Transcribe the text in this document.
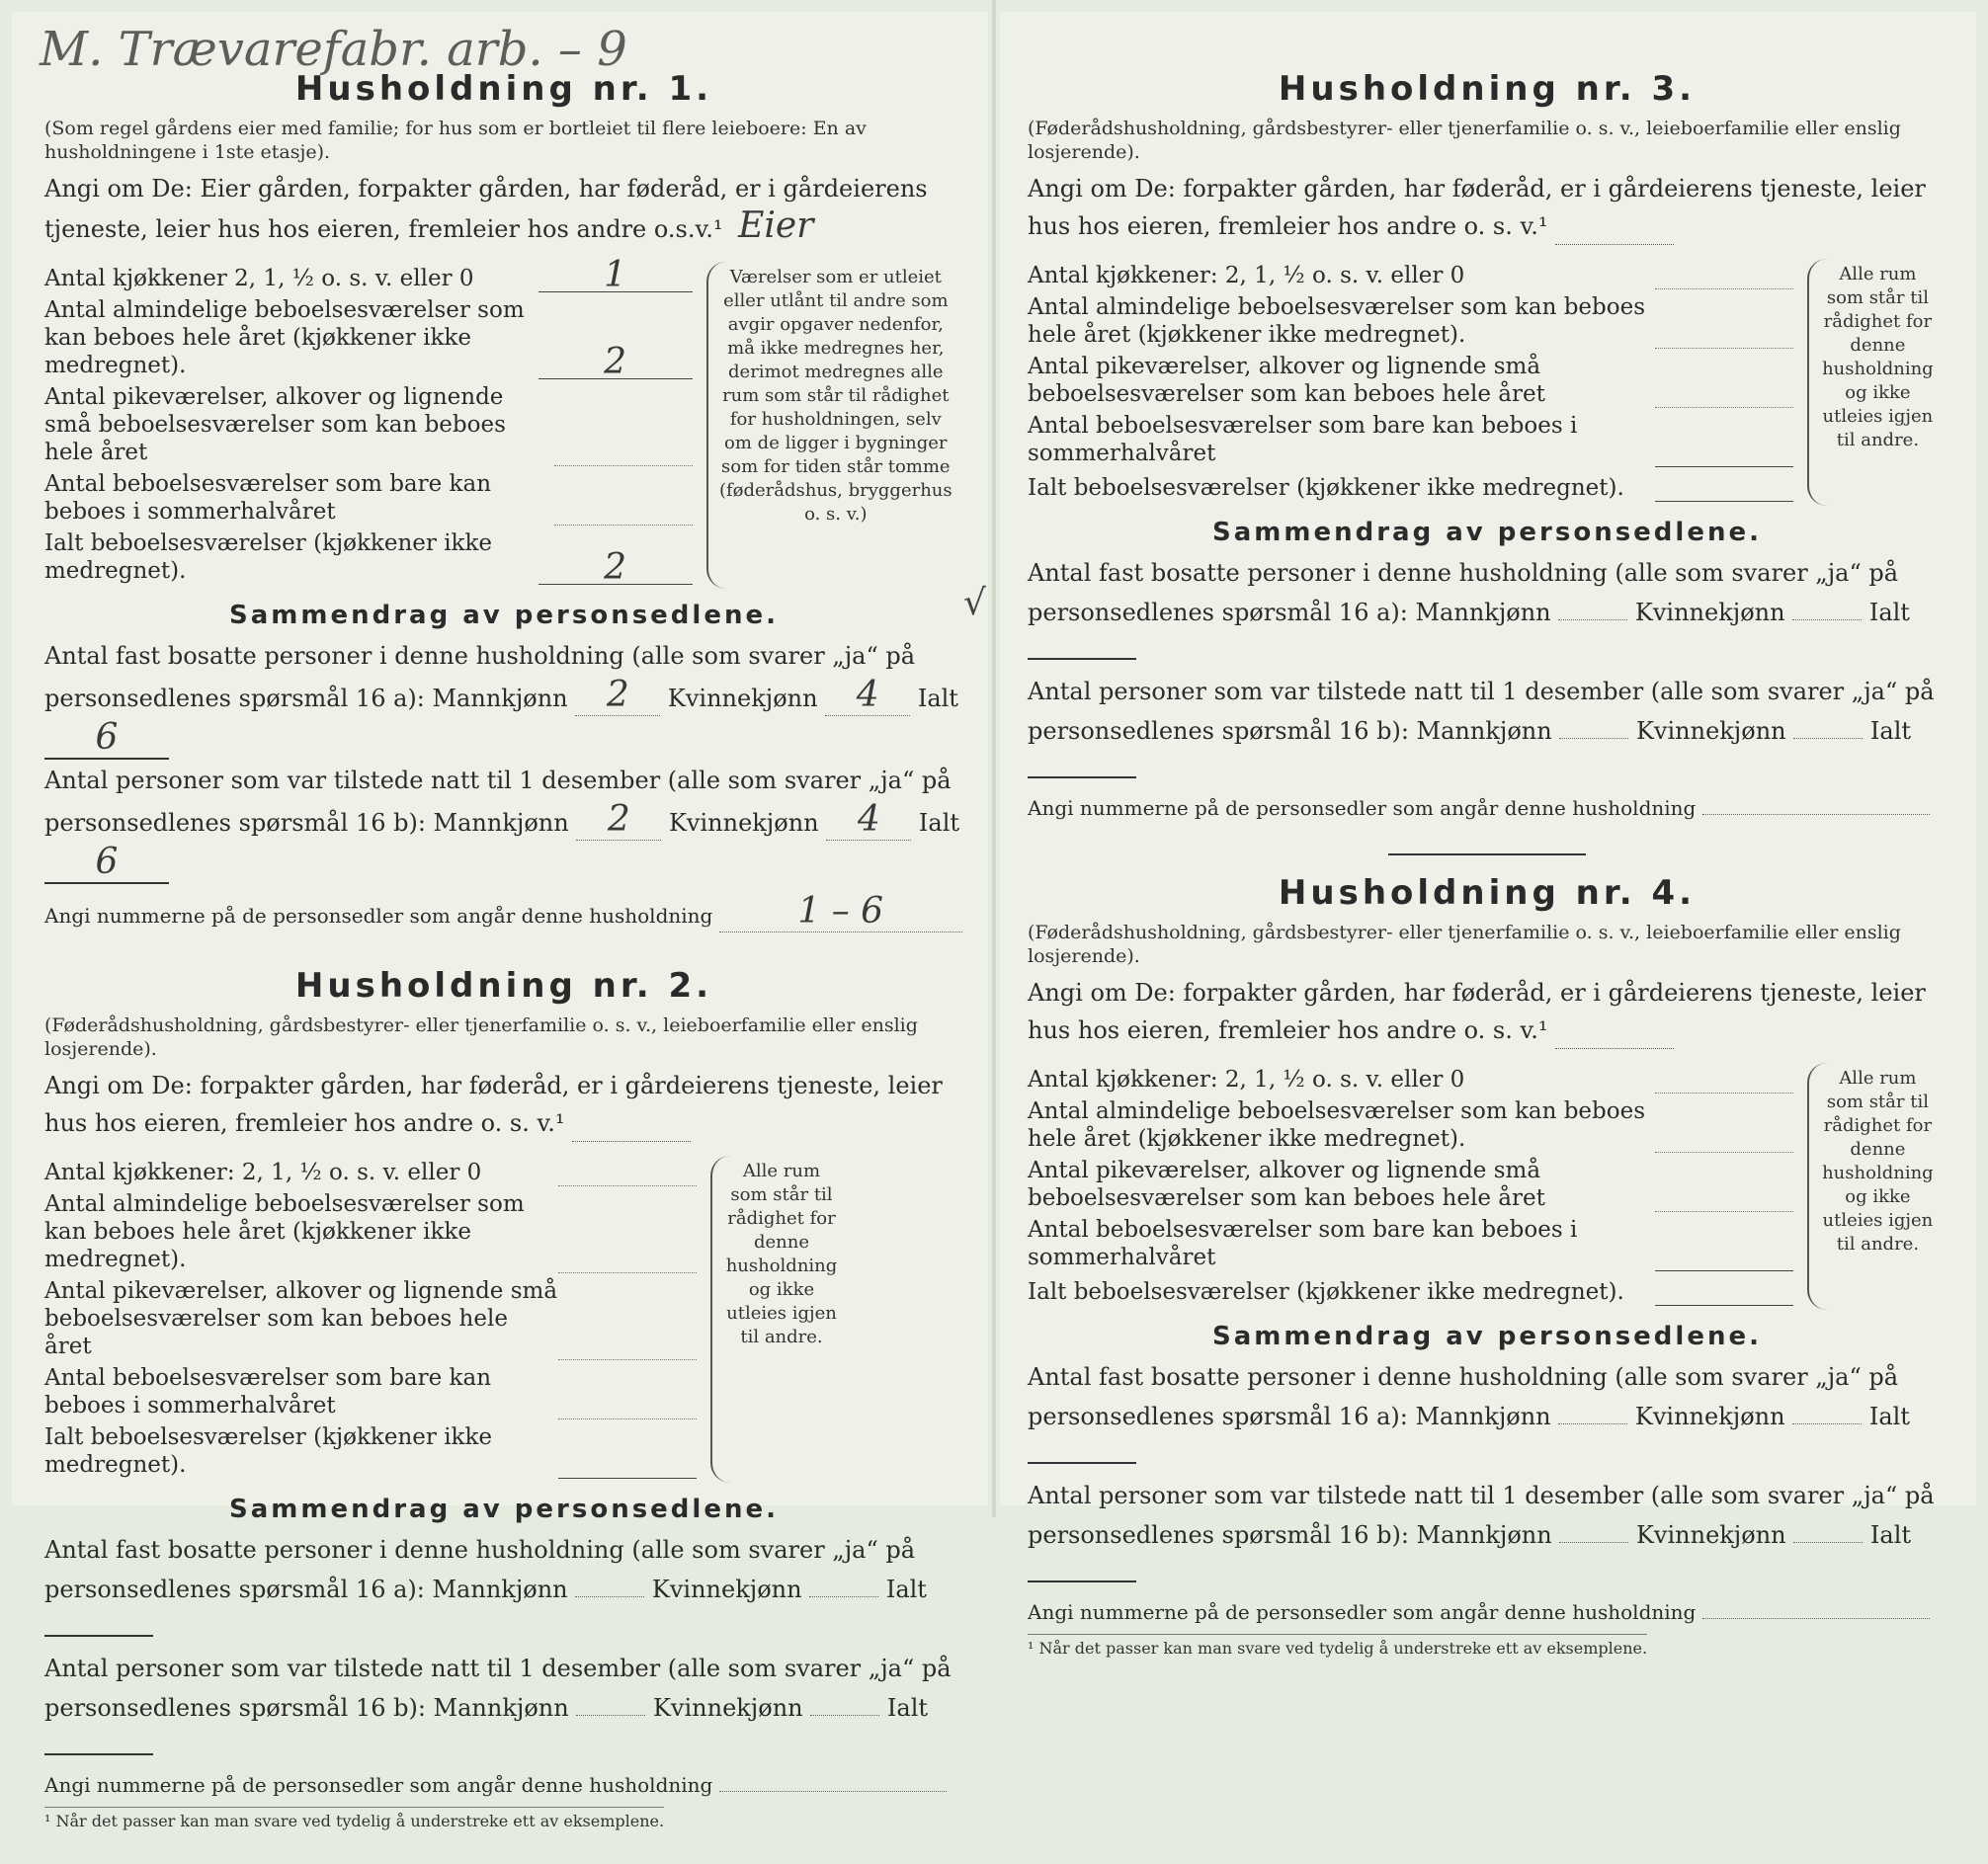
M. Trævarefabr. arb. – 9
√
Husholdning nr. 1.

(Som regel gårdens eier med familie; for hus som er bortleiet til flere leieboere: En av husholdningene i 1ste etasje).

Angi om De: Eier gården, forpakter gården, har føderåd, er i gårdeierens tjeneste, leier hus hos eieren, fremleier hos andre o.s.v.¹ Eier

Antal kjøkkener 2, 1, ½ o. s. v. eller 0	1
Antal almindelige beboelsesværelser som kan beboes hele året (kjøkkener ikke medregnet).	2
Antal pikeværelser, alkover og lignende små beboelsesværelser som kan beboes hele året
Antal beboelsesværelser som bare kan beboes i sommerhalvåret
Ialt beboelsesværelser (kjøkkener ikke medregnet).	2
Værelser som er utleiet eller utlånt til andre som avgir opgaver nedenfor, må ikke medregnes her, derimot medregnes alle rum som står til rådighet for husholdningen, selv om de ligger i bygninger som for tiden står tomme (føderådshus, bryggerhus o. s. v.)
Sammendrag av personsedlene.

Antal fast bosatte personer i denne husholdning (alle som svarer „ja“ på

personsedlenes spørsmål 16 a): Mannkjønn 2 Kvinnekjønn 4 Ialt 6

Antal personer som var tilstede natt til 1 desember (alle som svarer „ja“ på

personsedlenes spørsmål 16 b): Mannkjønn 2 Kvinnekjønn 4 Ialt 6

Angi nummerne på de personsedler som angår denne husholdning 1 – 6

Husholdning nr. 2.

(Føderådshusholdning, gårdsbestyrer- eller tjenerfamilie o. s. v., leieboerfamilie eller enslig losjerende).

Angi om De: forpakter gården, har føderåd, er i gårdeierens tjeneste, leier hus hos eieren, fremleier hos andre o. s. v.¹

Antal kjøkkener: 2, 1, ½ o. s. v. eller 0
Antal almindelige beboelsesværelser som kan beboes hele året (kjøkkener ikke medregnet).
Antal pikeværelser, alkover og lignende små beboelsesværelser som kan beboes hele året
Antal beboelsesværelser som bare kan beboes i sommerhalvåret
Ialt beboelsesværelser (kjøkkener ikke medregnet).
Alle rum som står til rådighet for denne husholdning og ikke utleies igjen til andre.
Sammendrag av personsedlene.

Antal fast bosatte personer i denne husholdning (alle som svarer „ja“ på

personsedlenes spørsmål 16 a): Mannkjønn	Kvinnekjønn	Ialt

Antal personer som var tilstede natt til 1 desember (alle som svarer „ja“ på

personsedlenes spørsmål 16 b): Mannkjønn	Kvinnekjønn	Ialt

Angi nummerne på de personsedler som angår denne husholdning

¹ Når det passer kan man svare ved tydelig å understreke ett av eksemplene.
Husholdning nr. 3.

(Føderådshusholdning, gårdsbestyrer- eller tjenerfamilie o. s. v., leieboerfamilie eller enslig losjerende).

Angi om De: forpakter gården, har føderåd, er i gårdeierens tjeneste, leier hus hos eieren, fremleier hos andre o. s. v.¹

Antal kjøkkener: 2, 1, ½ o. s. v. eller 0
Antal almindelige beboelsesværelser som kan beboes hele året (kjøkkener ikke medregnet).
Antal pikeværelser, alkover og lignende små beboelsesværelser som kan beboes hele året
Antal beboelsesværelser som bare kan beboes i sommerhalvåret
Ialt beboelsesværelser (kjøkkener ikke medregnet).
Alle rum som står til rådighet for denne husholdning og ikke utleies igjen til andre.
Sammendrag av personsedlene.

Antal fast bosatte personer i denne husholdning (alle som svarer „ja“ på

personsedlenes spørsmål 16 a): Mannkjønn	Kvinnekjønn	Ialt

Antal personer som var tilstede natt til 1 desember (alle som svarer „ja“ på

personsedlenes spørsmål 16 b): Mannkjønn	Kvinnekjønn	Ialt

Angi nummerne på de personsedler som angår denne husholdning

Husholdning nr. 4.

(Føderådshusholdning, gårdsbestyrer- eller tjenerfamilie o. s. v., leieboerfamilie eller enslig losjerende).

Angi om De: forpakter gården, har føderåd, er i gårdeierens tjeneste, leier hus hos eieren, fremleier hos andre o. s. v.¹

Antal kjøkkener: 2, 1, ½ o. s. v. eller 0
Antal almindelige beboelsesværelser som kan beboes hele året (kjøkkener ikke medregnet).
Antal pikeværelser, alkover og lignende små beboelsesværelser som kan beboes hele året
Antal beboelsesværelser som bare kan beboes i sommerhalvåret
Ialt beboelsesværelser (kjøkkener ikke medregnet).
Alle rum som står til rådighet for denne husholdning og ikke utleies igjen til andre.
Sammendrag av personsedlene.

Antal fast bosatte personer i denne husholdning (alle som svarer „ja“ på

personsedlenes spørsmål 16 a): Mannkjønn	Kvinnekjønn	Ialt

Antal personer som var tilstede natt til 1 desember (alle som svarer „ja“ på

personsedlenes spørsmål 16 b): Mannkjønn	Kvinnekjønn	Ialt

Angi nummerne på de personsedler som angår denne husholdning

¹ Når det passer kan man svare ved tydelig å understreke ett av eksemplene.
